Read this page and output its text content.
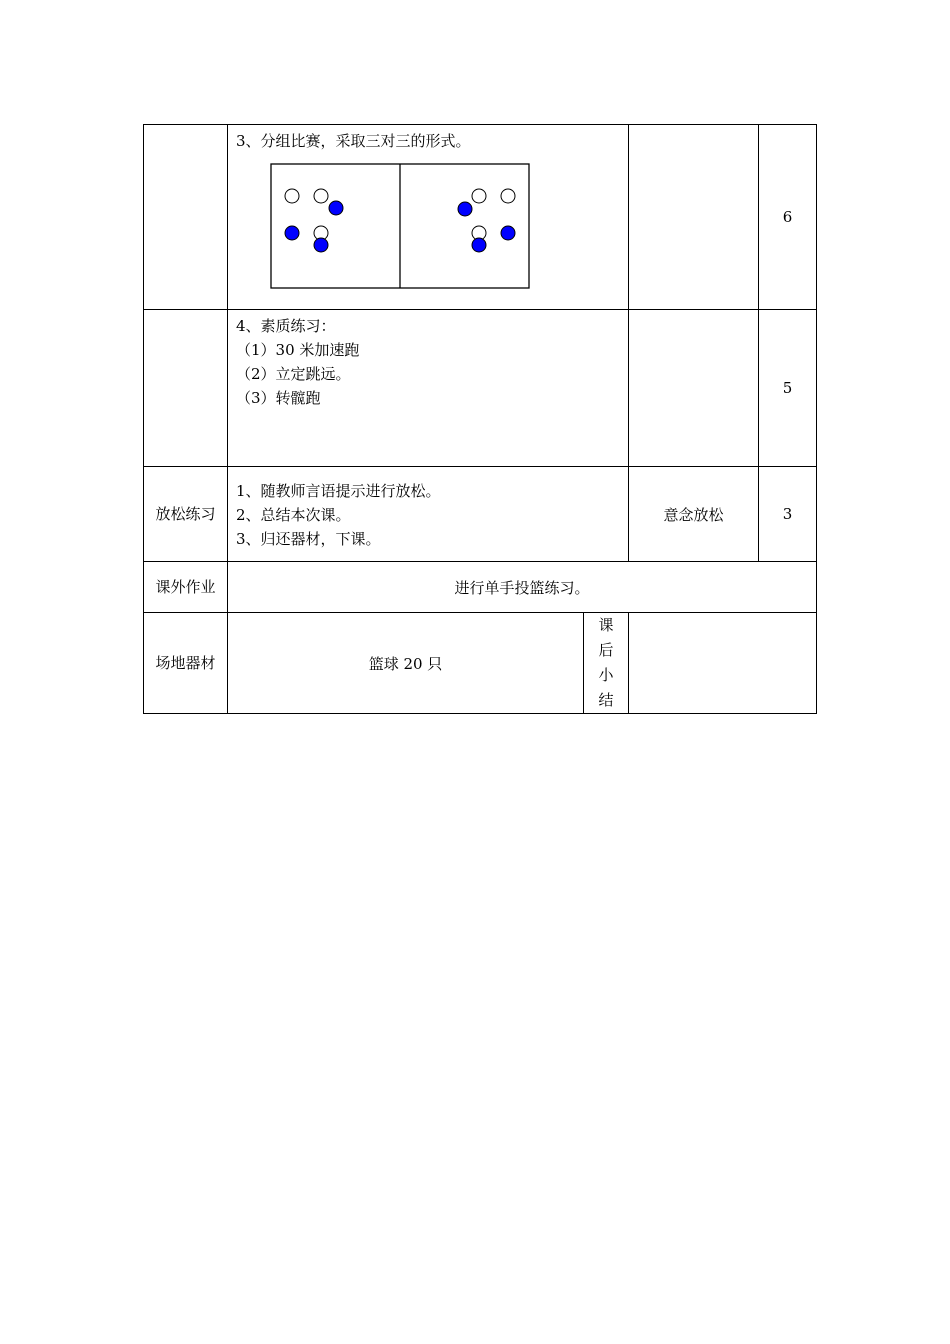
	3、分组比赛，采取三对三的形式。			6

	4、素质练习：
（1）30 米加速跑
（2）立定跳远。
（3）转髋跑			5
放松练习	1、随教师言语提示进行放松。
2、总结本次课。
3、归还器材，下课。		意念放松	3
课外作业	进行单手投篮练习。			
场地器材	篮球 20 只	课后小结		
